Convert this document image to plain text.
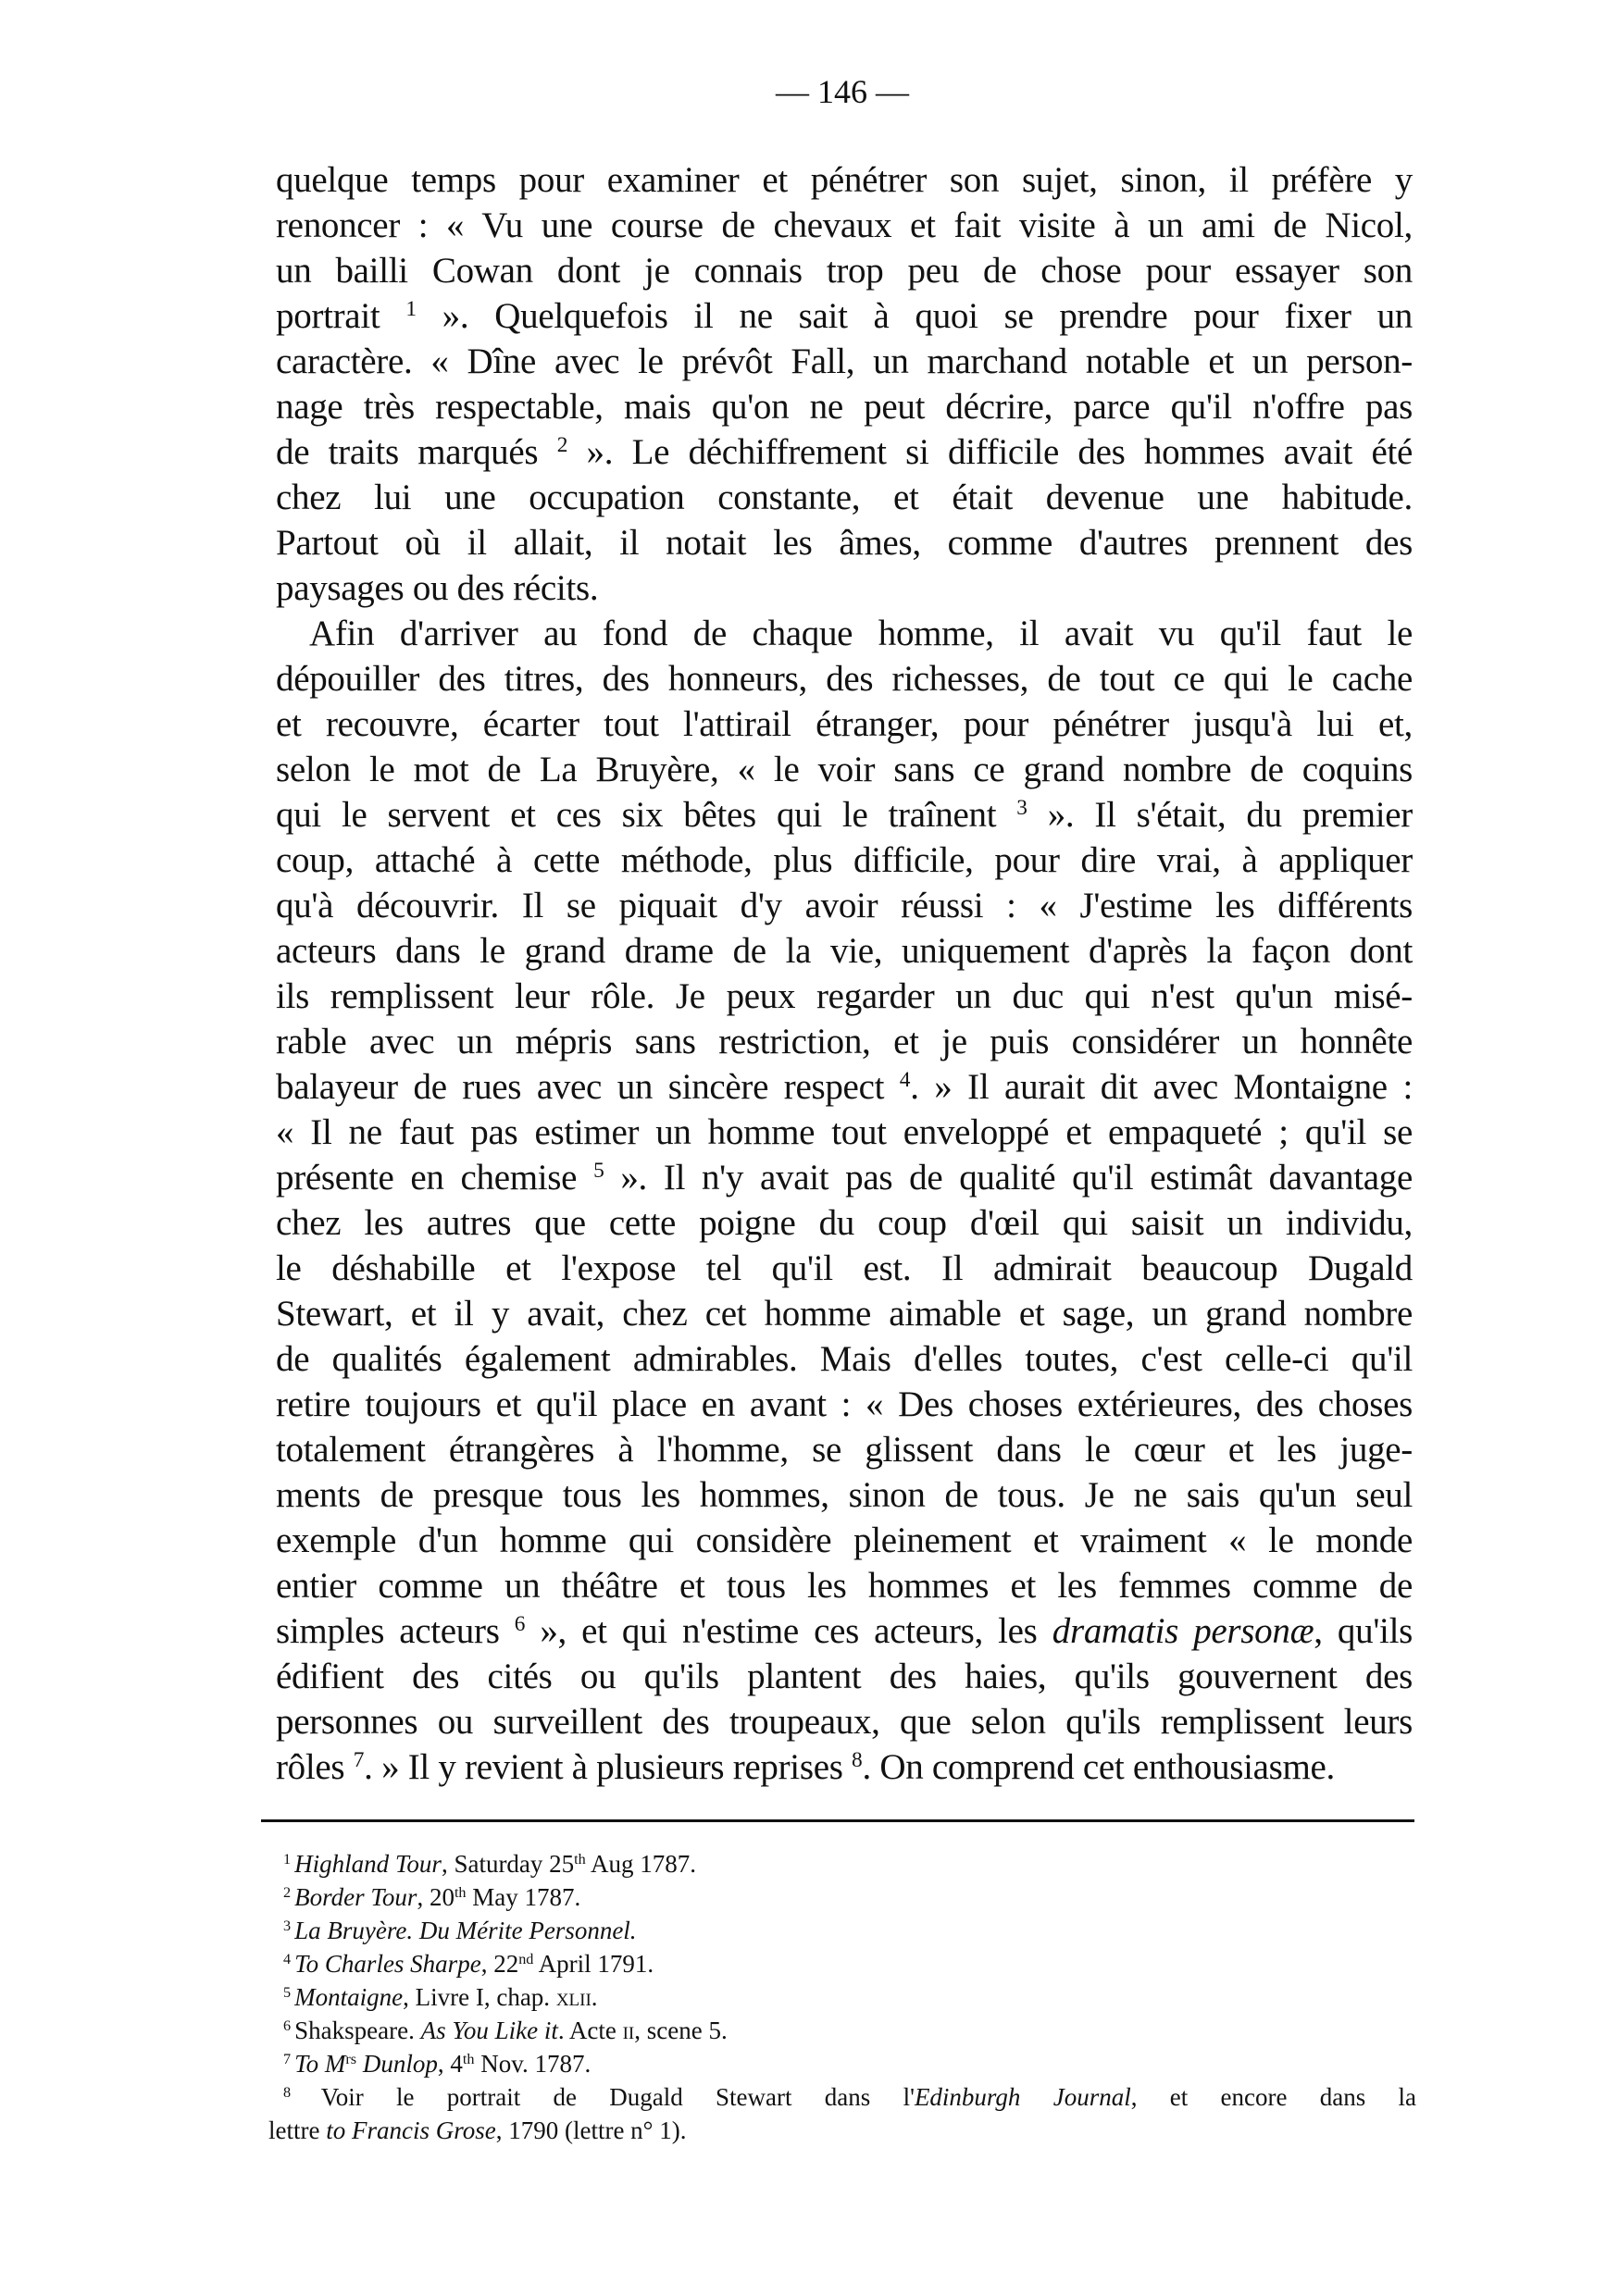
— 146 —
quelque temps pour examiner et pénétrer son sujet, sinon, il préfère y
renoncer : « Vu une course de chevaux et fait visite à un ami de Nicol,
un bailli Cowan dont je connais trop peu de chose pour essayer son
portrait $^1$ ». Quelquefois il ne sait à quoi se prendre pour fixer un
caractère. « Dîne avec le prévôt Fall, un marchand notable et un person-
nage très respectable, mais qu'on ne peut décrire, parce qu'il n'offre pas
de traits marqués $^2$ ». Le déchiffrement si difficile des hommes avait été
chez lui une occupation constante, et était devenue une habitude.
Partout où il allait, il notait les âmes, comme d'autres prennent des
paysages ou des récits.
Afin d'arriver au fond de chaque homme, il avait vu qu'il faut le
dépouiller des titres, des honneurs, des richesses, de tout ce qui le cache
et recouvre, écarter tout l'attirail étranger, pour pénétrer jusqu'à lui et,
selon le mot de La Bruyère, « le voir sans ce grand nombre de coquins
qui le servent et ces six bêtes qui le traînent $^3$ ». Il s'était, du premier
coup, attaché à cette méthode, plus difficile, pour dire vrai, à appliquer
qu'à découvrir. Il se piquait d'y avoir réussi : « J'estime les différents
acteurs dans le grand drame de la vie, uniquement d'après la façon dont
ils remplissent leur rôle. Je peux regarder un duc qui n'est qu'un misé-
rable avec un mépris sans restriction, et je puis considérer un honnête
balayeur de rues avec un sincère respect $^4$. » Il aurait dit avec Montaigne :
« Il ne faut pas estimer un homme tout enveloppé et empaqueté ; qu'il se
présente en chemise $^5$ ». Il n'y avait pas de qualité qu'il estimât davantage
chez les autres que cette poigne du coup d'œil qui saisit un individu,
le déshabille et l'expose tel qu'il est. Il admirait beaucoup Dugald
Stewart, et il y avait, chez cet homme aimable et sage, un grand nombre
de qualités également admirables. Mais d'elles toutes, c'est celle-ci qu'il
retire toujours et qu'il place en avant : « Des choses extérieures, des choses
totalement étrangères à l'homme, se glissent dans le cœur et les juge-
ments de presque tous les hommes, sinon de tous. Je ne sais qu'un seul
exemple d'un homme qui considère pleinement et vraiment « le monde
entier comme un théâtre et tous les hommes et les femmes comme de
simples acteurs $^6$ », et qui n'estime ces acteurs, les dramatis personæ, qu'ils
édifient des cités ou qu'ils plantent des haies, qu'ils gouvernent des
personnes ou surveillent des troupeaux, que selon qu'ils remplissent leurs
rôles $^7$. » Il y revient à plusieurs reprises $^8$. On comprend cet enthousiasme.
$^1$ Highland Tour, Saturday 25th Aug 1787.
$^2$ Border Tour, 20th May 1787.
$^3$ La Bruyère. Du Mérite Personnel.
$^4$ To Charles Sharpe, 22nd April 1791.
$^5$ Montaigne, Livre I, chap. xlii.
$^6$ Shakspeare. As You Like it. Acte ii, scene 5.
$^7$ To $M^{rs}$ Dunlop, 4th Nov. 1787.
$^8$ Voir le portrait de Dugald Stewart dans l'Edinburgh Journal, et encore dans la
lettre to Francis Grose, 1790 (lettre n° 1).
